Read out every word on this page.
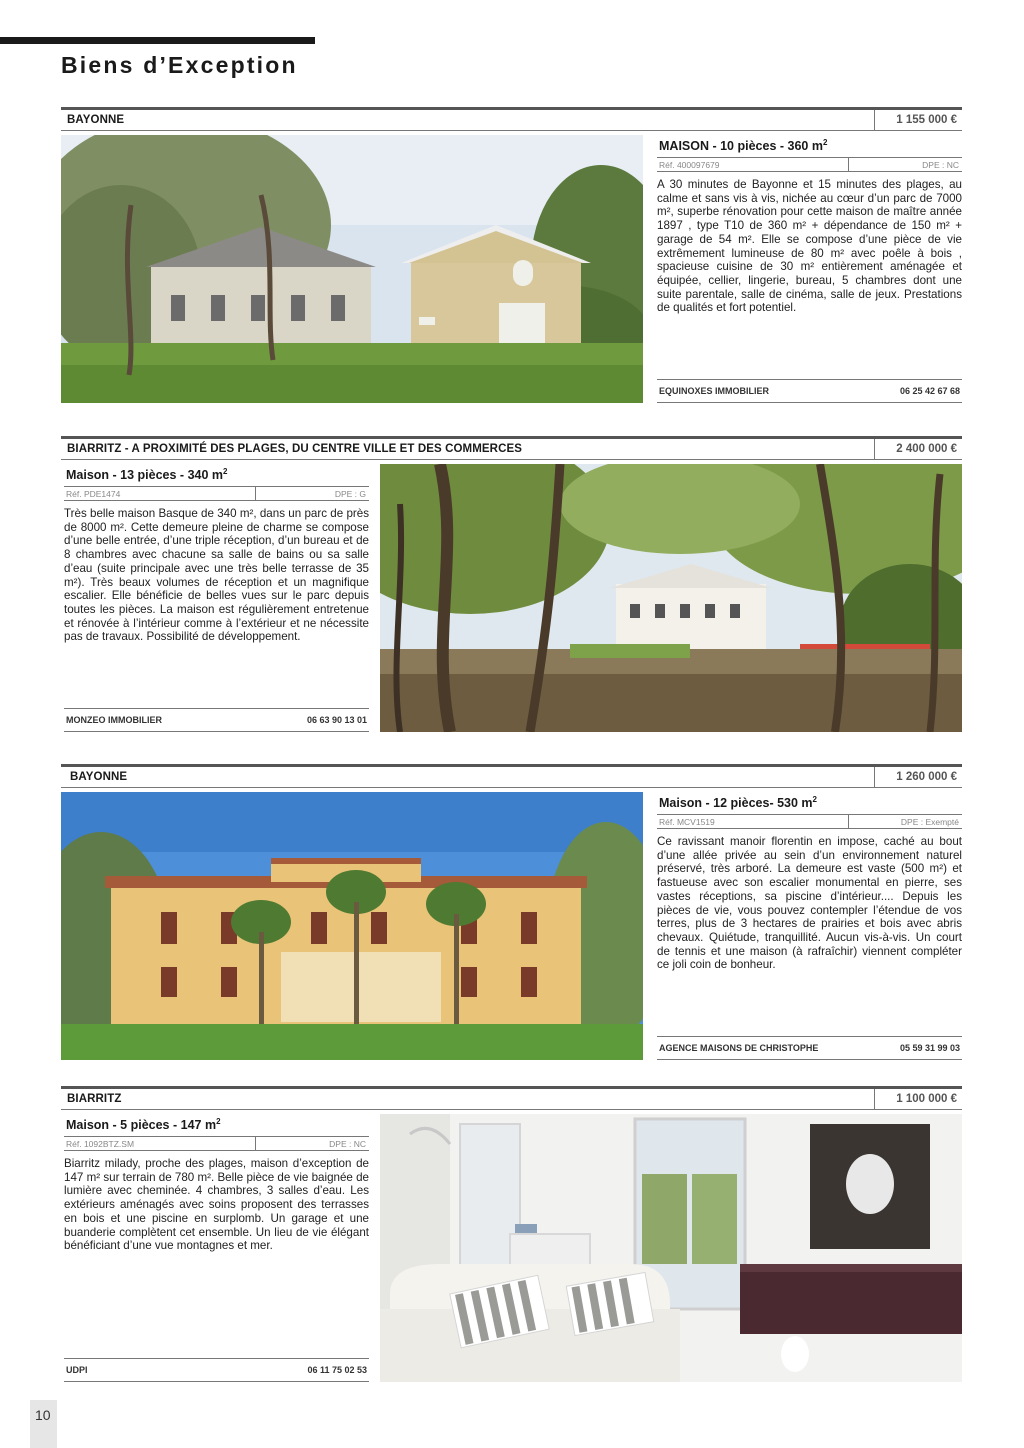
Biens d’Exception
BAYONNE	1 155 000 €
MAISON - 10 pièces - 360 $m^2$
Réf. 400097679	DPE : NC
A 30 minutes de Bayonne et 15 minutes des plages, au calme et sans vis à vis, nichée au cœur d’un parc de 7000 m², superbe rénovation pour cette maison de maître année 1897 , type T10 de 360 m² + dépendance de 150 m² + garage de 54 m². Elle se compose d’une pièce de vie extrêmement lumineuse de 80 m² avec poêle à bois , spacieuse cuisine de 30 m² entièrement aménagée et équipée, cellier, lingerie, bureau, 5 chambres dont une suite parentale, salle de cinéma, salle de jeux. Prestations de qualités et fort potentiel.
EQUINOXES IMMOBILIER	06 25 42 67 68
BIARRITZ - A PROXIMITÉ DES PLAGES, DU CENTRE VILLE ET DES COMMERCES	2 400 000 €
Maison - 13 pièces - 340 $m^2$
Réf. PDE1474	DPE : G
Très belle maison Basque de 340 m², dans un parc de près de 8000 m². Cette demeure pleine de charme se compose d’une belle entrée, d’une triple réception, d’un bureau et de 8 chambres avec chacune sa salle de bains ou sa salle d’eau (suite principale avec une très belle terrasse de 35 m²). Très beaux volumes de réception et un magnifique escalier. Elle bénéficie de belles vues sur le parc depuis toutes les pièces. La maison est régulièrement entretenue et rénovée à l’intérieur comme à l’extérieur et ne nécessite pas de travaux. Possibilité de développement.
MONZEO IMMOBILIER	06 63 90 13 01
BAYONNE	1 260 000 €
Maison - 12 pièces- 530 $m^2$
Réf. MCV1519	DPE : Exempté
Ce ravissant manoir florentin en impose, caché au bout d’une allée privée au sein d’un environnement naturel préservé, très arboré. La demeure est vaste (500 m²) et fastueuse avec son escalier monumental en pierre, ses vastes réceptions, sa piscine d’intérieur.... Depuis les pièces de vie, vous pouvez contempler l’étendue de vos terres, plus de 3 hectares de prairies et bois avec abris chevaux. Quiétude, tranquillité. Aucun vis-à-vis. Un court de tennis et une maison (à rafraîchir) viennent compléter ce joli coin de bonheur.
AGENCE MAISONS DE CHRISTOPHE	05 59 31 99 03
BIARRITZ	1 100 000 €
Maison - 5 pièces - 147 $m^2$
Réf. 1092BTZ.SM	DPE : NC
Biarritz milady, proche des plages, maison d’exception de 147 m² sur terrain de 780 m². Belle pièce de vie baignée de lumière avec cheminée. 4 chambres, 3 salles d’eau. Les extérieurs aménagés avec soins proposent des terrasses en bois et une piscine en surplomb. Un garage et une buanderie complètent cet ensemble. Un lieu de vie élégant bénéficiant d’une vue montagnes et mer.
UDPI	06 11 75 02 53
10
